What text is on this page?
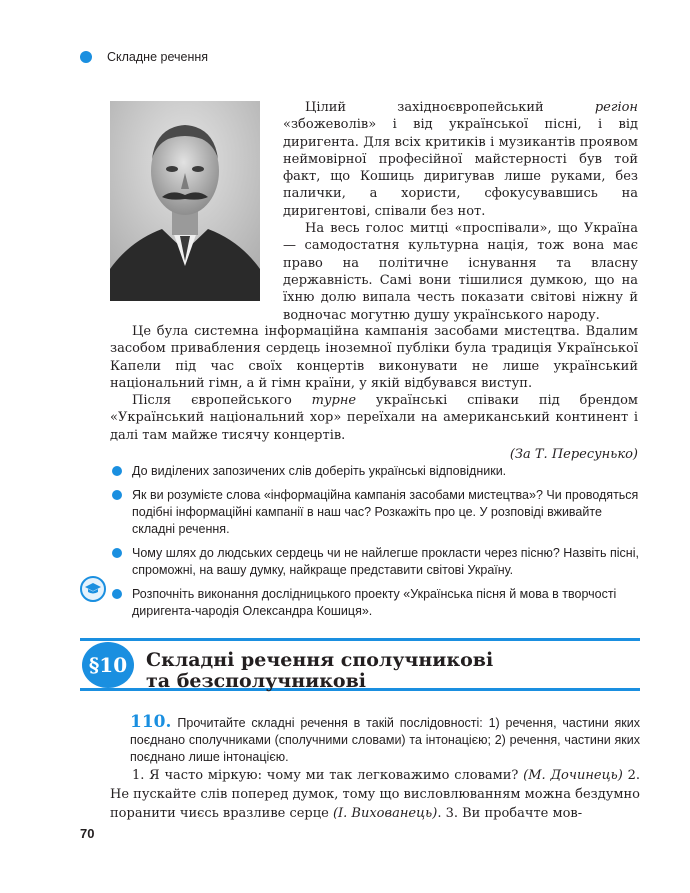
Складне речення

Цілий західноєвропейський регіон «збожеволів» і від української пісні, і від диригента. Для всіх критиків і музикантів проявом неймовірної професійної майстерності був той факт, що Кошиць диригував лише руками, без палички, а хористи, сфокусувавшись на диригентові, співали без нот.

На весь голос митці «проспівали», що Україна — самодостатня культурна нація, тож вона має право на політичне існування та власну державність. Самі вони тішилися думкою, що на їхню долю випала честь показати світові ніжну й водночас могутню душу українського народу.

Це була системна інформаційна кампанія засобами мистецтва. Вдалим засобом привабления сердець іноземної публіки була традиція Української Капели під час своїх концертів виконувати не лише український національний гімн, а й гімн країни, у якій відбувався виступ.

Після європейського турне українські співаки під брендом «Український національний хор» переїхали на американський континент і далі там майже тисячу концертів.

(За Т. Пересунько)

До виділених запозичених слів доберіть українські відповідники.
Як ви розумієте слова «інформаційна кампанія засобами мистецтва»? Чи проводяться подібні інформаційні кампанії в наш час? Розкажіть про це. У розповіді вживайте складні речення.
Чому шлях до людських сердець чи не найлегше прокласти через пісню? Назвіть пісні, спроможні, на вашу думку, найкраще представити світові Україну.
Розпочніть виконання дослідницького проекту «Українська пісня й мова в творчості диригента-чародія Олександра Кошиця».
§10 Складні речення сполучникові
та безсполучникові
110. Прочитайте складні речення в такій послідовності: 1) речення, частини яких поєднано сполучниками (сполучними словами) та інтонацією; 2) речення, частини яких поєднано лише інтонацією.

1. Я часто міркую: чому ми так легковажимо словами? (М. Дочинець) 2. Не пускайте слів поперед думок, тому що висловлюванням можна бездумно поранити чиєсь вразливе серце (І. Вихованець). 3. Ви пробачте мов-

70
